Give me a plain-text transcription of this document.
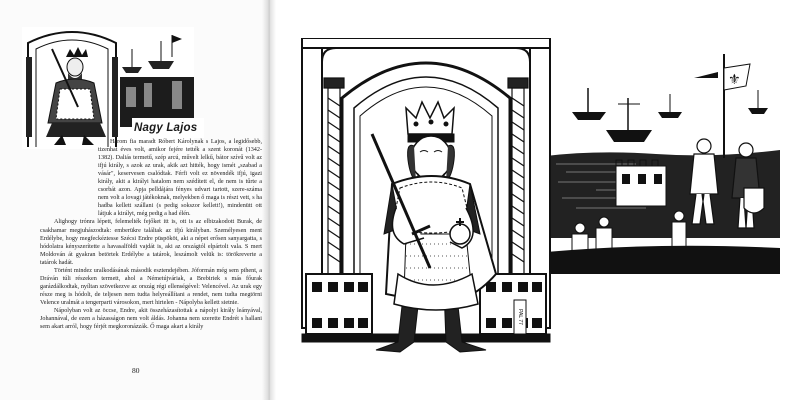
Nagy Lajos

Három fia maradt Róbert Károlynak s Lajos, a legidősebb, tizenhat éves volt, amikor fejére tették a szent koronát (1342-1382). Daliás termetű, szép arcú, művelt lelkű, bátor szívű volt az ifjú király, s azok az urak, akik azt hitték, hogy ismét „szabad a vásár", keservesen csalódtak. Férfi volt ez növendék ifjú, igazi király, akit a királyi hatalom nem szédített el, de nem is tűrte a csorbát azon. Apja pelldájára fényes udvart tartott, szere-száma nem volt a lovagi játékoknak, melyekben ő maga is részt vett, s ha hadba kellett szállani (s pedig sokszor kellett!), mindenütt ott látjuk a királyt, még pedig a had élén.

Alighogy trónra lépett, felemelték fejőket itt is, ott is az elbizakodott Burak, de csakhamar megjuhászodtak: emberükre találtak az ifjú királyban. Személyesen ment Erdélybe, hogy megfeckéztesse Szécsi Endre püspököt, aki a népet erősen sanyargatta, s hódolatra kényszerítette a havasalföldi vajdát is, aki az országtól elpártolt vala. S mert Moldován át gyakran betörtek Erdélybe a tatárok, leszámolt velük is: törökreverte a tatárok hadát.

Történt mindez uralkodásának második esztendejében. Jóformán még sem pihent, a Dráván túli részeken termett, ahol a Németújváriak, a Brebiriek s más főurak garázdálkodtak, nyíltan szövetkezve az ország régi ellenségével: Velencével. Az urak egy része meg is hódolt, de teljesen nem tudta helyreállítani a rendet, nem tudta megtörni Velence uralmát a tengerparti városokon, mert hirtelen - Nápolyba kellett sietnie.

Nápolyban volt az öccse, Endre, akit összeházasítottak a nápolyi király leányával, Johannával, de ezen a házasságon nem volt áldás. Johanna nem szerette Endrét s hallani sem akart arról, hogy férjét megkoronázzák. Ő maga akart a király

80
⚜
PAL 77
